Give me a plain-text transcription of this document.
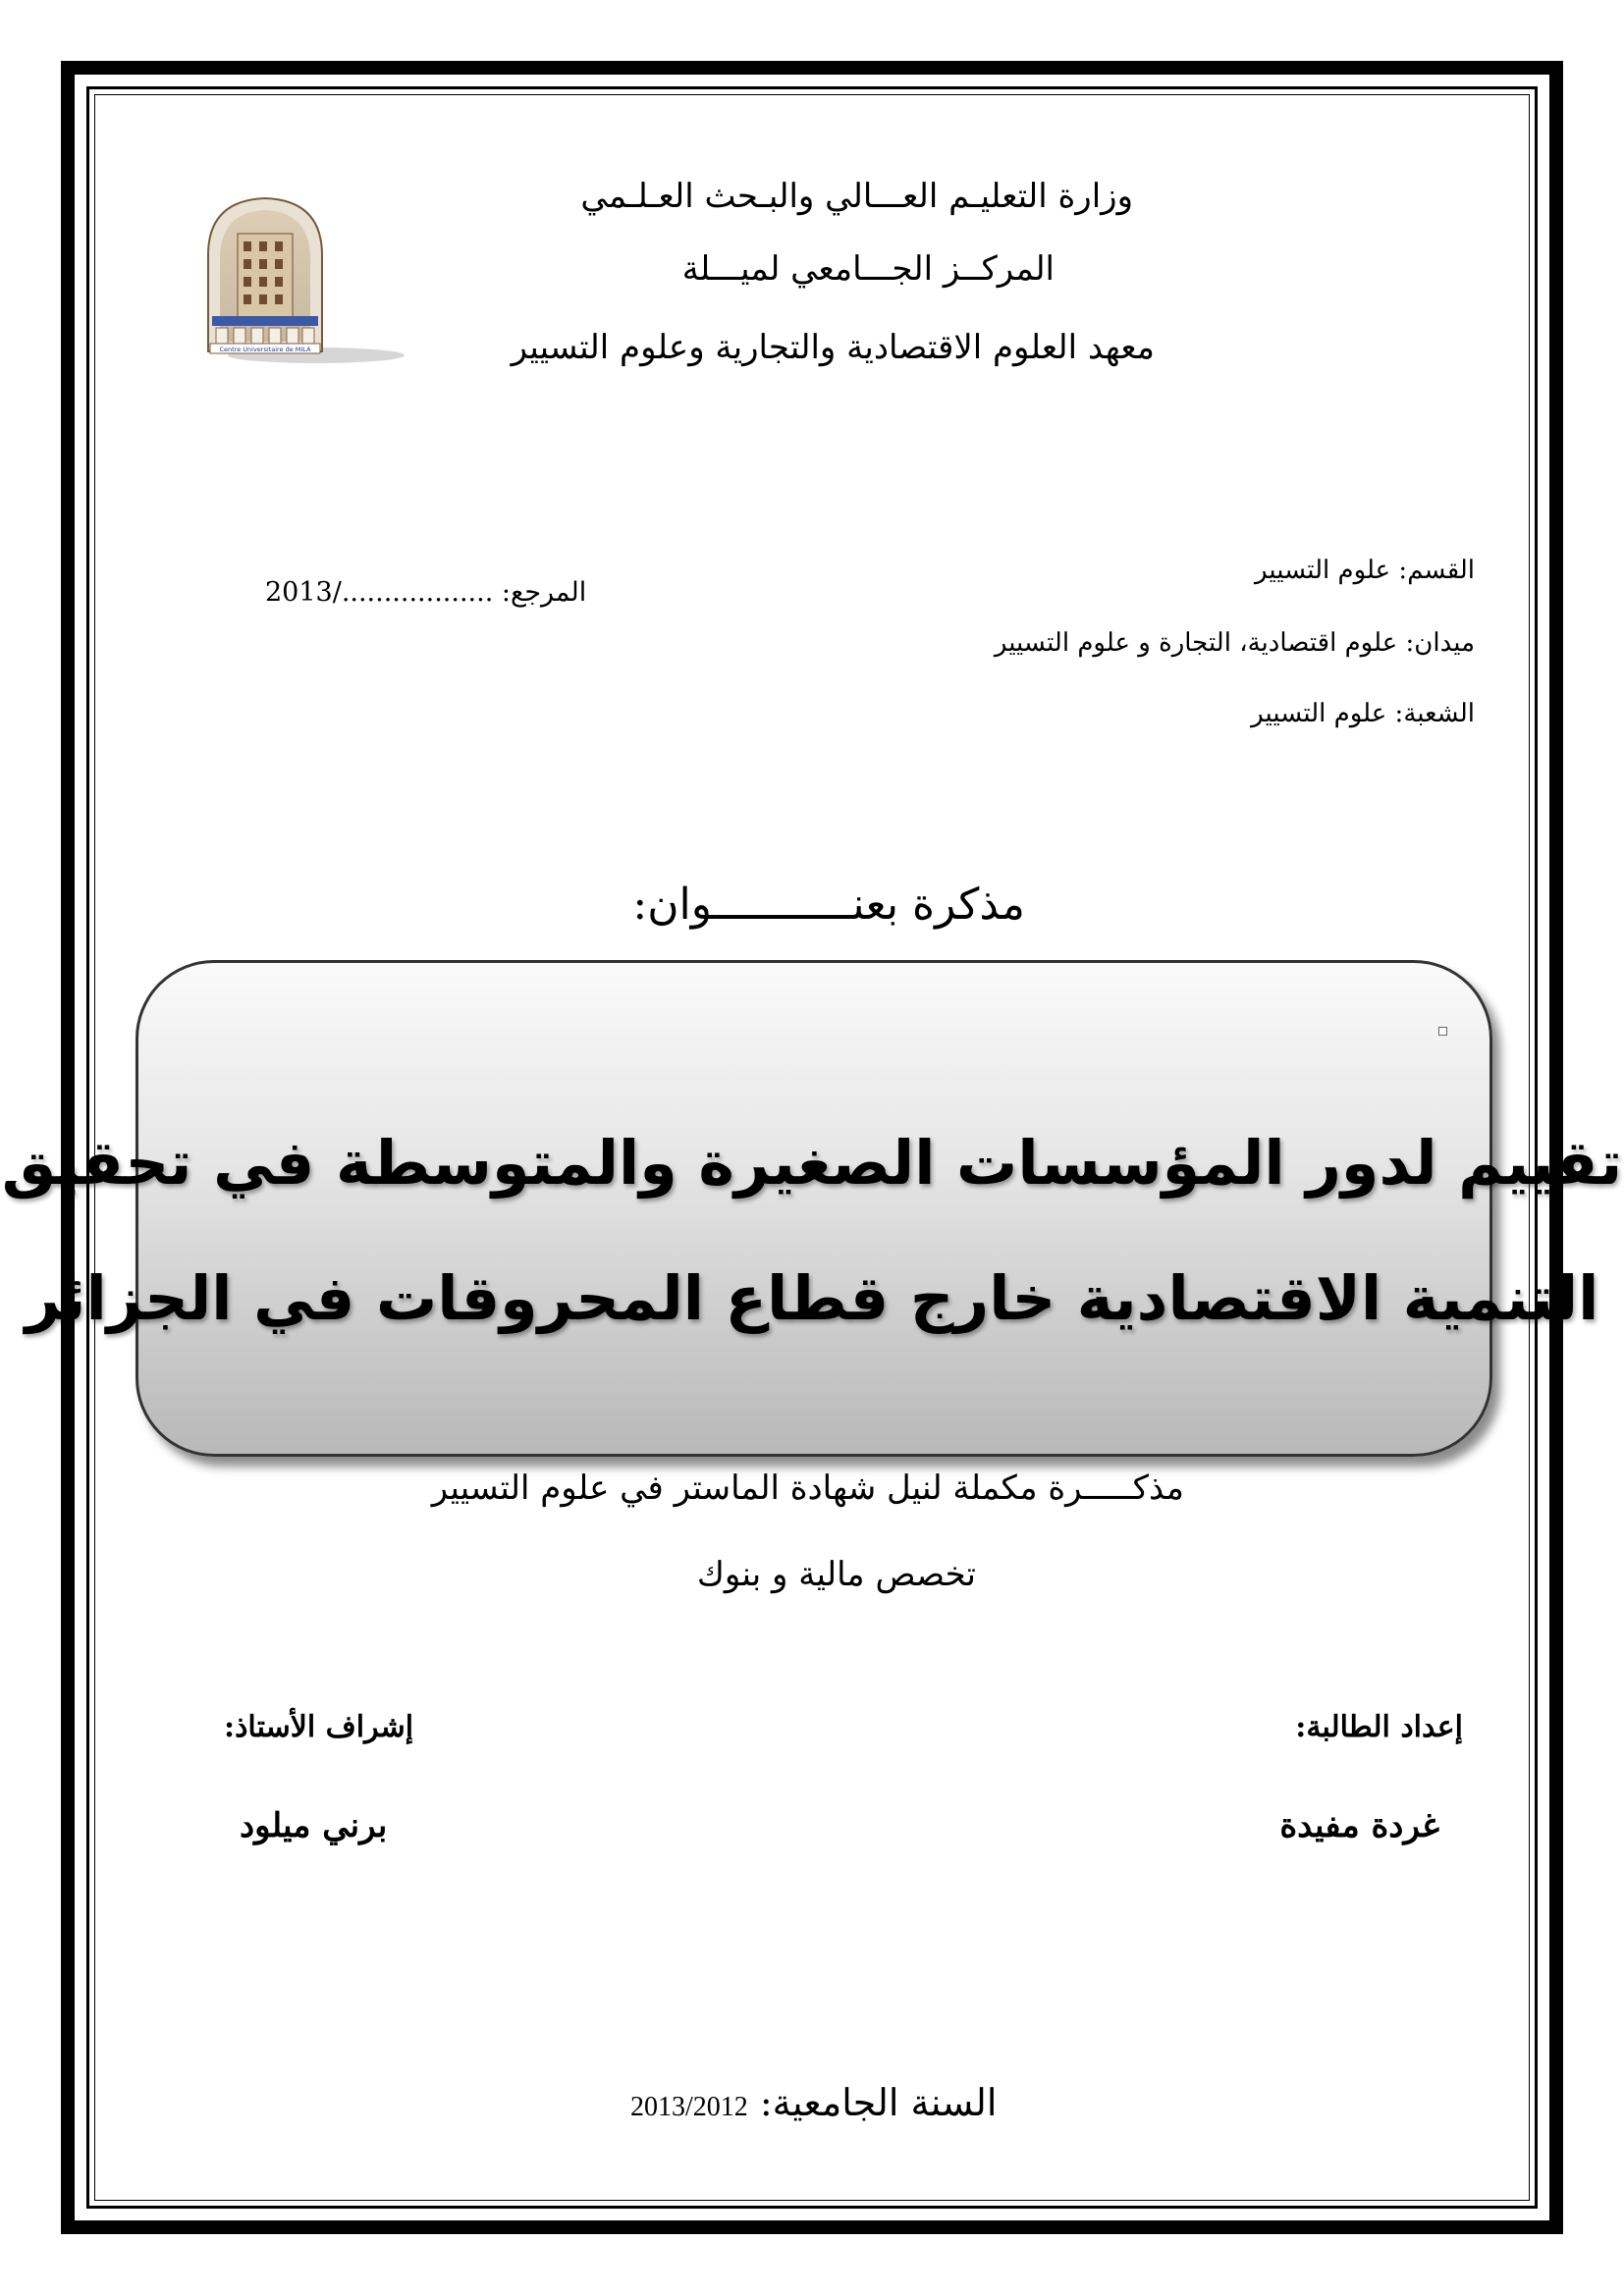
Centre Universitaire de MILA
وزارة التعليـم العـــالي والبـحث العـلـمي
المركــز الجـــامعي لميـــلة
معهد العلوم الاقتصادية والتجارية وعلوم التسيير
القسم: علوم التسيير
ميدان: علوم اقتصادية، التجارة و علوم التسيير
الشعبة: علوم التسيير
المرجع: ..................2013/
مذكرة بعنـــــــــــوان:
تقييم لدور المؤسسات الصغيرة والمتوسطة في تحقيق
التنمية الاقتصادية خارج قطاع المحروقات في الجزائر
مذكـــــرة مكملة لنيل شهادة الماستر في علوم التسيير
تخصص مالية و بنوك
إعداد الطالبة:
إشراف الأستاذ:
غردة مفيدة
برني ميلود
السنة الجامعية: 2013/2012
